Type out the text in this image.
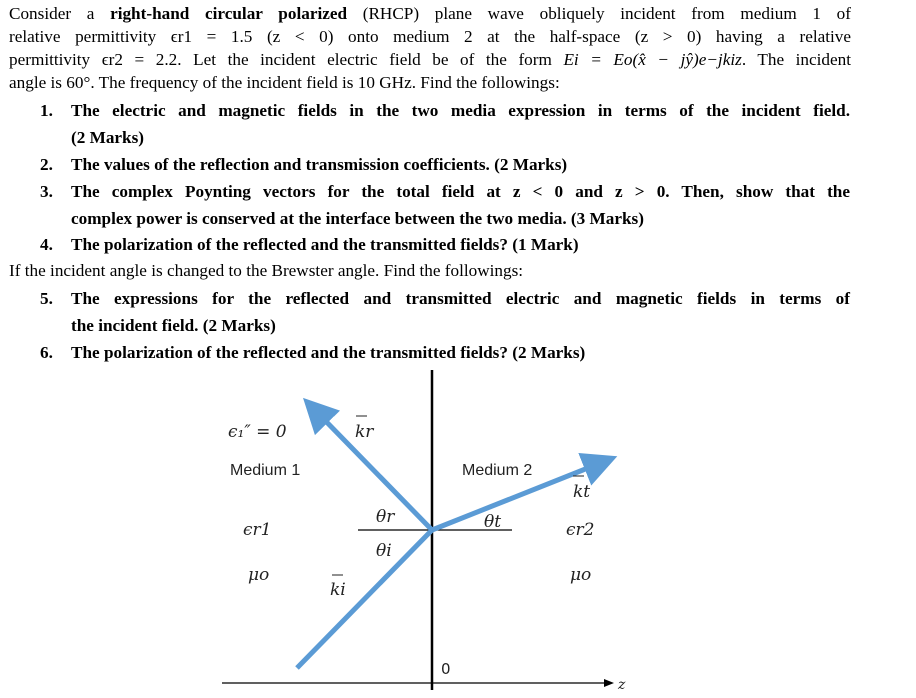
Consider a right-hand circular polarized (RHCP) plane wave obliquely incident from medium 1 of

relative permittivity ϵr1 = 1.5 (z < 0) onto medium 2 at the half-space (z > 0) having a relative

permittivity ϵr2 = 2.2. Let the incident electric field be of the form Ei = Eo(x̂ − jŷ)e−jkiz. The incident

angle is 60°. The frequency of the incident field is 10 GHz. Find the followings:

1. The electric and magnetic fields in the two media expression in terms of the incident field.
(2 Marks)
2. The values of the reflection and transmission coefficients. (2 Marks)
3. The complex Poynting vectors for the total field at z < 0 and z > 0. Then, show that the
complex power is conserved at the interface between the two media. (3 Marks)
4. The polarization of the reflected and the transmitted fields? (1 Mark)
If the incident angle is changed to the Brewster angle. Find the followings:
5. The expressions for the reflected and transmitted electric and magnetic fields in terms of
the incident field. (2 Marks)
6. The polarization of the reflected and the transmitted fields? (2 Marks)
ϵ₁″ = 0
Medium 1	Medium 2
kr
kt
ki
θr
θi
θt
ϵr1	ϵr2
μo	μo
0
z
